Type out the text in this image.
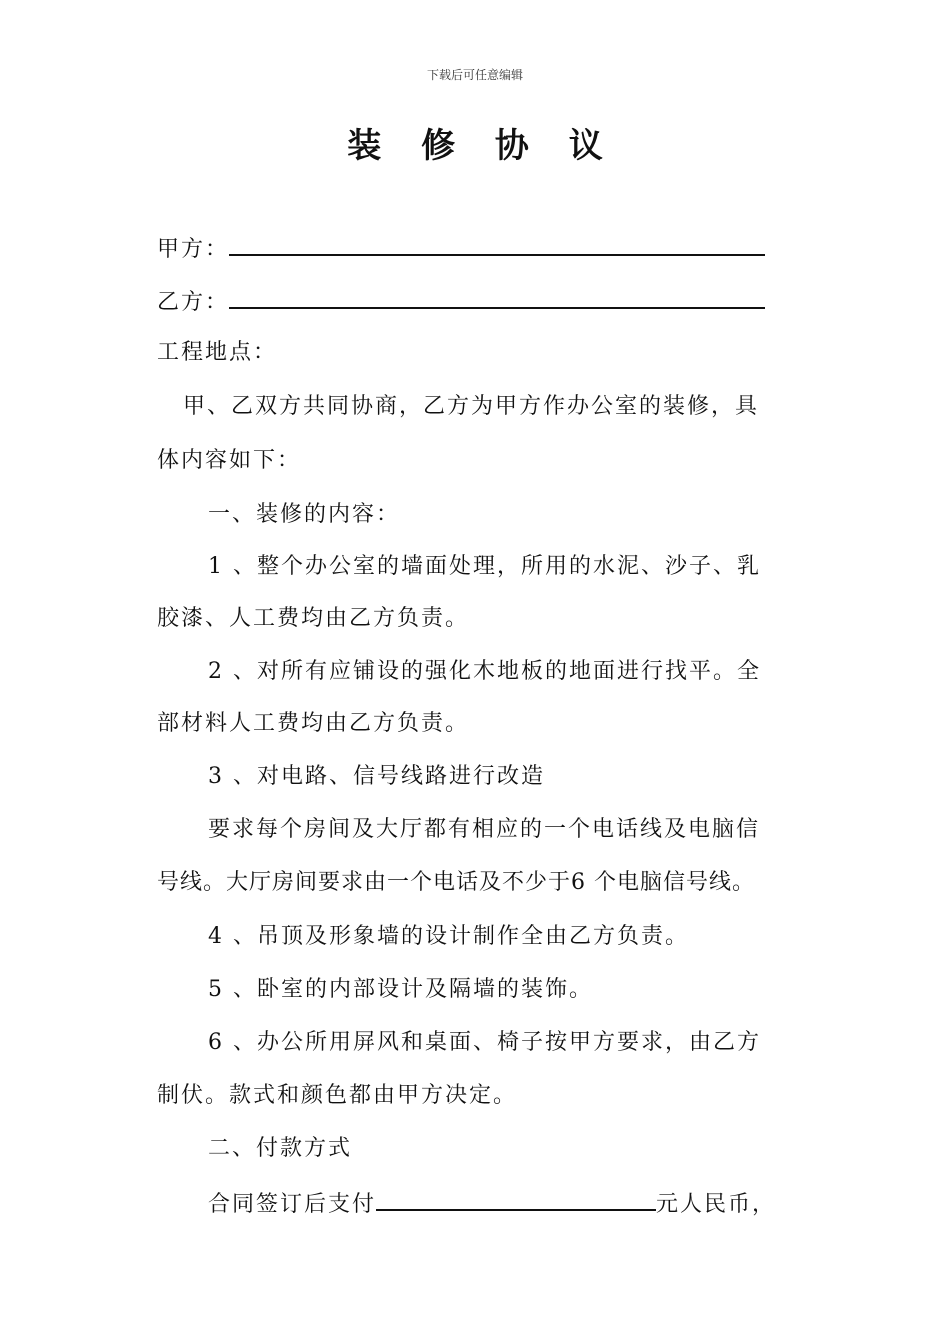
下载后可任意编辑
装 修 协 议
甲方：
乙方：
工程地点：
甲、乙双方共同协商，乙方为甲方作办公室的装修，具
体内容如下：
一、装修的内容：
1 、整个办公室的墙面处理，所用的水泥、沙子、乳
胶漆、人工费均由乙方负责。
2 、对所有应铺设的强化木地板的地面进行找平。全
部材料人工费均由乙方负责。
3 、对电路、信号线路进行改造
要求每个房间及大厅都有相应的一个电话线及电脑信
号线。大厅房间要求由一个电话及不少于6 个电脑信号线。
4 、吊顶及形象墙的设计制作全由乙方负责。
5 、卧室的内部设计及隔墙的装饰。
6 、办公所用屏风和桌面、椅子按甲方要求，由乙方
制伏。款式和颜色都由甲方决定。
二、付款方式
合同签订后支付	元人民币，
